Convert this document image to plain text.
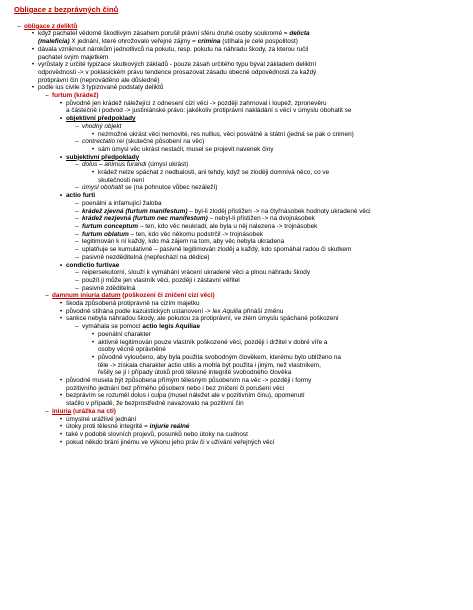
Obligace z bezprávných činů
– obligace z deliktů
• když pachatel vědomě škodlivým zásahem porušil právní sféru druhé osoby soukromé = delicta
(maleficia) X jednání, které ohrožovalo veřejné zájmy = crimina (stíhala je celé pospolitost)
• dávala vzniknout nárokům jednotlivců na pokutu, resp. pokutu na náhradu škody, za kterou ručil
pachatel svým majetkem
• vyrůstaly z určité typizace skutkových základů - pouze zásah určitého typu býval základem deliktní
odpovědnosti -> v poklasickém právu tendence prosazovat zásadu obecné odpovědnosti za každý
protiprávní čin (neprováděno ale důsledně)
• podle ius civile 3 typizované podstaty deliktů
– furtum (krádež)
• původně jen krádež náležející z odnesení cizí věci -> později zahrnoval i loupež, zpronevěru
a částečně i podvod -> justiniánské právo: jakékoliv protiprávní nakládání s věcí v úmyslu obohatit se
• objektivní předpoklady
– vhodný objekt
• nezmožné ukrást věci nemovité, res nullius, věci posvátné a státní (jedná se pak o crimen)
– contrectatio rei (skutečné působení na věc)
• sám úmysl věc ukrást nestačil, musel se projevit navenek činy
• subjektivní předpoklady
– dolus – animus furandi (úmysl ukrást)
• krádež nelze spáchat z nedbalosti, ani tehdy, když se zloději domnívá něco, co ve
skutečnosti není
– úmysl obohatit se (na pohnutce vůbec nezáleží)
• actio furti
– poenální a infamující žaloba
– krádež zjevná (furtum manifestum) – byl-li zloděj přistižen -> na čtyřnásobek hodnoty ukradené věci
– krádež nezjevná (furtum nec manifestum) – nebyl-li přistižen -> na dvojnásobek
– furtum conceptum – ten, kdo věc neukradl, ale byla u něj nalezena -> trojnásobek
– furtum oblatum – ten, kdo věc někomu podstrčil -> trojnásobek
– legitimován k ní každý, kdo má zájem na tom, aby věc nebyla ukradena
– uplatňuje se kumulativně – pasivně legitimován zloděj a každý, kdo spomáhal radou či skutkem
– pasivně nezděditeIná (nepřechází na dědice)
• condictio furtivae
– reipersekutorní, slouží k vymáhání vrácení ukradené věci a plnou náhradu škody
– použít ji může jen vlastník věci, později i zástavní věřitel
– pasivně zděditeIná
– damnum iniuria datum (poškození či zničení cizí věci)
• škoda způsobená protiprávně na cizím majetku
• původně stíhána podle kazuistických ustanovení -> lex Aquilia přináší změnu
• sankce nebyla náhradou škody, ale pokutou za protiprávní, ve zlém úmyslu spáchané poškození
– vymáhala se pomocí actio legis Aquiliae
• poenální charakter
• aktivně legitimován pouze vlastník poškozené věci, později i držitel v dobré víře a
osoby věcně oprávněné
• původně vyloučeno, aby byla použita svobodným člověkem, kterému bylo ublíženo na
těle -> získala charakter actio utilis a mohla být použita i jiným, než vlastníkem,
řešily se jí i případy útoků proti tělesné integritě svobodného člověka
• původně musela být způsobena přímým tělesným působením na věc -> později i formy
pozitivního jednání bez přímého působení nebo i bez zničení či porušení věci
• bezprávím se rozuměl dolus i culpa (musel náležet ale v pozitivním činu), opomenutí
stačilo v případě, že bezprostředně navazovalo na pozitivní čin
– iniuria (urážka na cti)
• úmyslné urážlivé jednání
• útoky proti tělesné integritě = injurie reálné
• také v podobě slovních projevů, posunků nebo útoky na cudnost
• pokud někdo brání jinému ve výkonu jeho práv či v užívání veřejných věcí
